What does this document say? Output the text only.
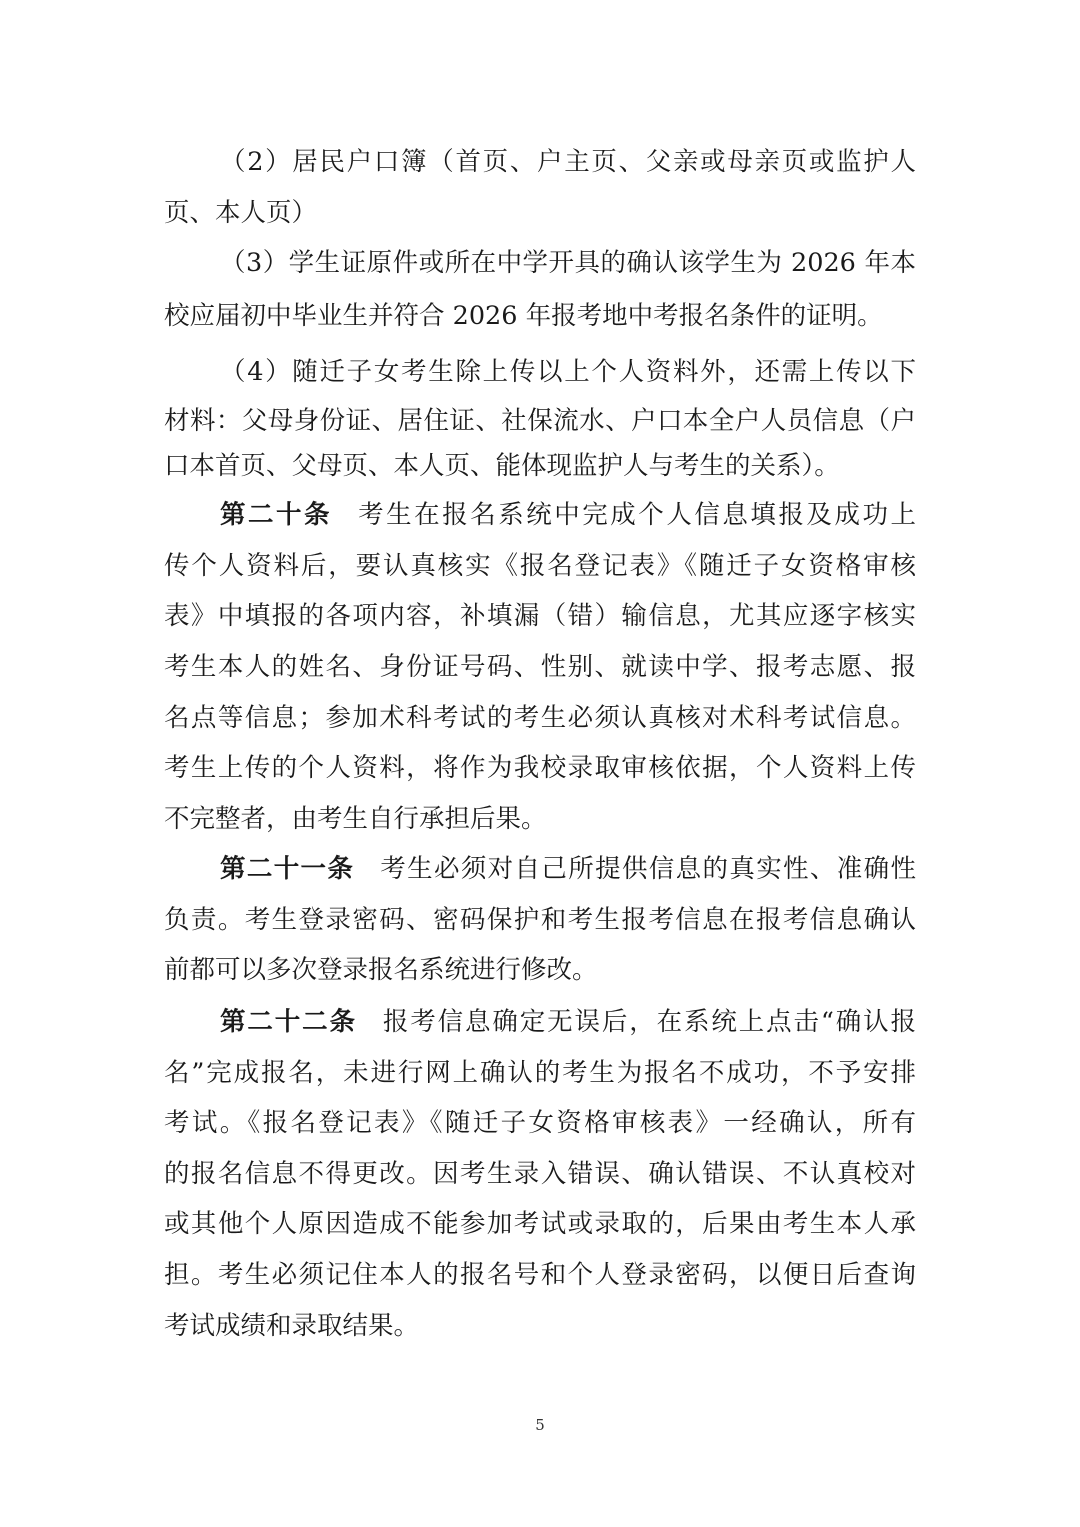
（2）居民户口簿（首页、户主页、父亲或母亲页或监护人
页、本人页）
（3）学生证原件或所在中学开具的确认该学生为 2026 年本
校应届初中毕业生并符合 2026 年报考地中考报名条件的证明。
（4）随迁子女考生除上传以上个人资料外，还需上传以下
材料：父母身份证、居住证、社保流水、户口本全户人员信息（户
口本首页、父母页、本人页、能体现监护人与考生的关系）。
第二十条 考生在报名系统中完成个人信息填报及成功上
传个人资料后，要认真核实《报名登记表》《随迁子女资格审核
表》中填报的各项内容，补填漏（错）输信息，尤其应逐字核实
考生本人的姓名、身份证号码、性别、就读中学、报考志愿、报
名点等信息；参加术科考试的考生必须认真核对术科考试信息。
考生上传的个人资料，将作为我校录取审核依据，个人资料上传
不完整者，由考生自行承担后果。
第二十一条 考生必须对自己所提供信息的真实性、准确性
负责。考生登录密码、密码保护和考生报考信息在报考信息确认
前都可以多次登录报名系统进行修改。
第二十二条 报考信息确定无误后，在系统上点击“确认报
名”完成报名，未进行网上确认的考生为报名不成功，不予安排
考试。《报名登记表》《随迁子女资格审核表》一经确认，所有
的报名信息不得更改。因考生录入错误、确认错误、不认真校对
或其他个人原因造成不能参加考试或录取的，后果由考生本人承
担。考生必须记住本人的报名号和个人登录密码，以便日后查询
考试成绩和录取结果。
5
